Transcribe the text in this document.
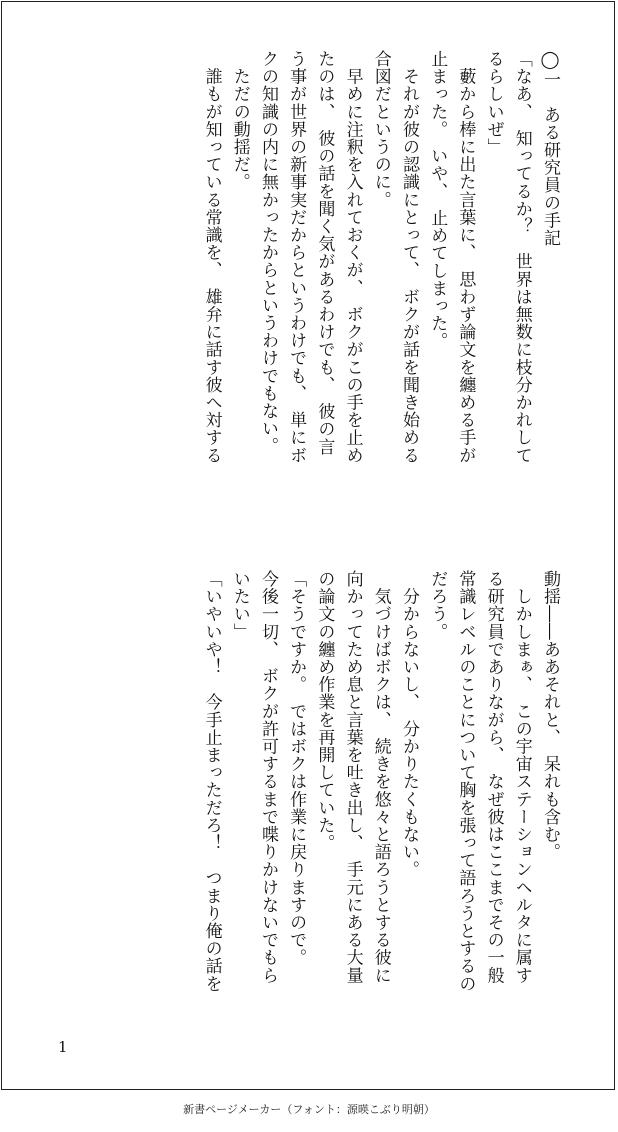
◯一　ある研究員の手記

「なあ、　知ってるか？　世界は無数に枝分かれして

るらしいぜ」

　藪から棒に出た言葉に、　思わず論文を纏める手が

止まった。　いや、　止めてしまった。

　それが彼の認識にとって、　ボクが話を聞き始める

合図だというのに。

　早めに注釈を入れておくが、　ボクがこの手を止め

たのは、　彼の話を聞く気があるわけでも、　彼の言

う事が世界の新事実だからというわけでも、　単にボ

クの知識の内に無かったからというわけでもない。

　ただの動揺だ。

　誰もが知っている常識を、　雄弁に話す彼へ対する

動揺――ああそれと、　呆れも含む。

　しかしまぁ、　この宇宙ステーションヘルタに属す

る研究員でありながら、　なぜ彼はここまでその一般

常識レベルのことについて胸を張って語ろうとするの

だろう。

　分からないし、　分かりたくもない。

　気づけばボクは、　続きを悠々と語ろうとする彼に

向かってため息と言葉を吐き出し、　手元にある大量

の論文の纏め作業を再開していた。

「そうですか。　ではボクは作業に戻りますので。

今後一切、　ボクが許可するまで喋りかけないでもら

いたい」

「いやいや！　今手止まっただろ！　つまり俺の話を

1
新書ページメーカー（フォント：源暎こぶり明朝）
